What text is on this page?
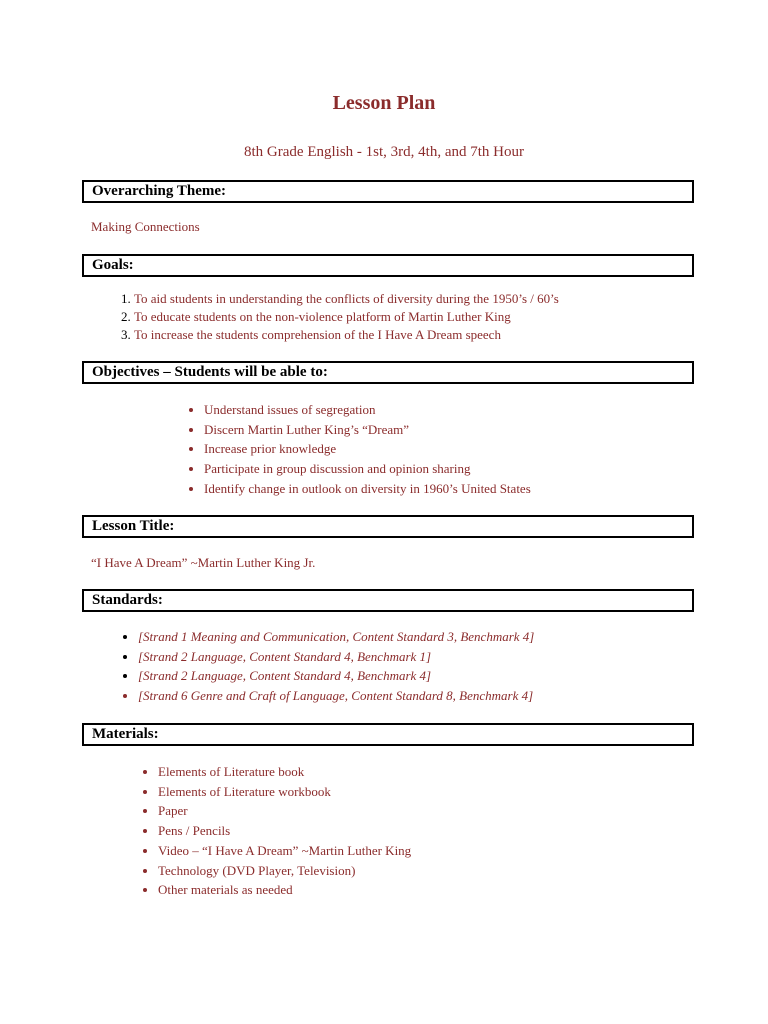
Lesson Plan
8th Grade English - 1st, 3rd, 4th, and 7th Hour
Overarching Theme:
Making Connections
Goals:
1. To aid students in understanding the conflicts of diversity during the 1950’s / 60’s
2. To educate students on the non-violence platform of Martin Luther King
3. To increase the students comprehension of the I Have A Dream speech
Objectives – Students will be able to:
• Understand issues of segregation
• Discern Martin Luther King’s “Dream”
• Increase prior knowledge
• Participate in group discussion and opinion sharing
• Identify change in outlook on diversity in 1960’s United States
Lesson Title:
“I Have A Dream” ~Martin Luther King Jr.
Standards:
• [Strand 1 Meaning and Communication, Content Standard 3, Benchmark 4]
• [Strand 2 Language, Content Standard 4, Benchmark 1]
• [Strand 2 Language, Content Standard 4, Benchmark 4]
• [Strand 6 Genre and Craft of Language, Content Standard 8, Benchmark 4]
Materials:
• Elements of Literature book
• Elements of Literature workbook
• Paper
• Pens / Pencils
• Video – “I Have A Dream” ~Martin Luther King
• Technology (DVD Player, Television)
• Other materials as needed
